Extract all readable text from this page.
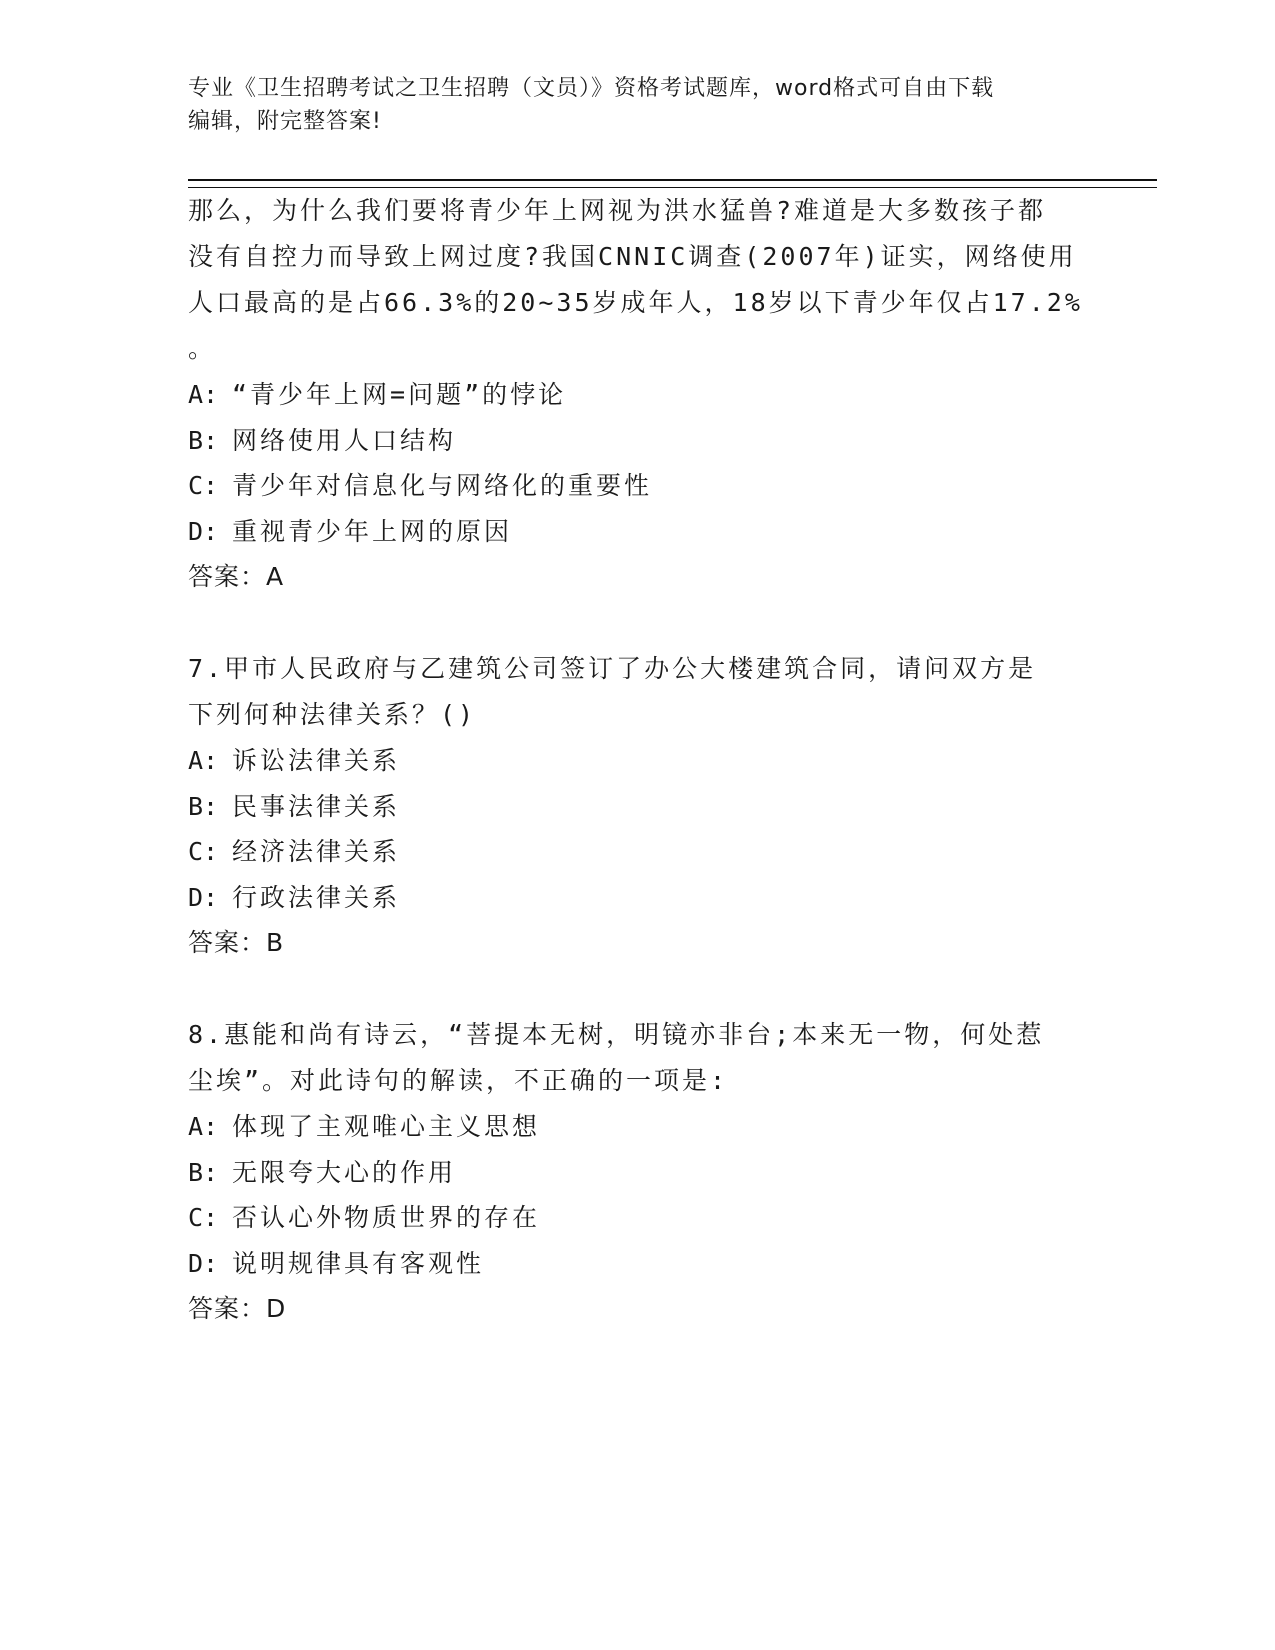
专业《卫生招聘考试之卫生招聘（文员）》资格考试题库，word格式可自由下载
编辑，附完整答案!

那么，为什么我们要将青少年上网视为洪水猛兽?难道是大多数孩子都

没有自控力而导致上网过度?我国CNNIC调查(2007年)证实，网络使用

人口最高的是占66.3%的20~35岁成年人，18岁以下青少年仅占17.2%

。

A: “青少年上网=问题”的悖论

B: 网络使用人口结构

C: 青少年对信息化与网络化的重要性

D: 重视青少年上网的原因

答案：A

7.甲市人民政府与乙建筑公司签订了办公大楼建筑合同，请问双方是

下列何种法律关系？()

A: 诉讼法律关系

B: 民事法律关系

C: 经济法律关系

D: 行政法律关系

答案：B

8.惠能和尚有诗云，“菩提本无树，明镜亦非台;本来无一物，何处惹

尘埃”。对此诗句的解读，不正确的一项是:

A: 体现了主观唯心主义思想

B: 无限夸大心的作用

C: 否认心外物质世界的存在

D: 说明规律具有客观性

答案：D
